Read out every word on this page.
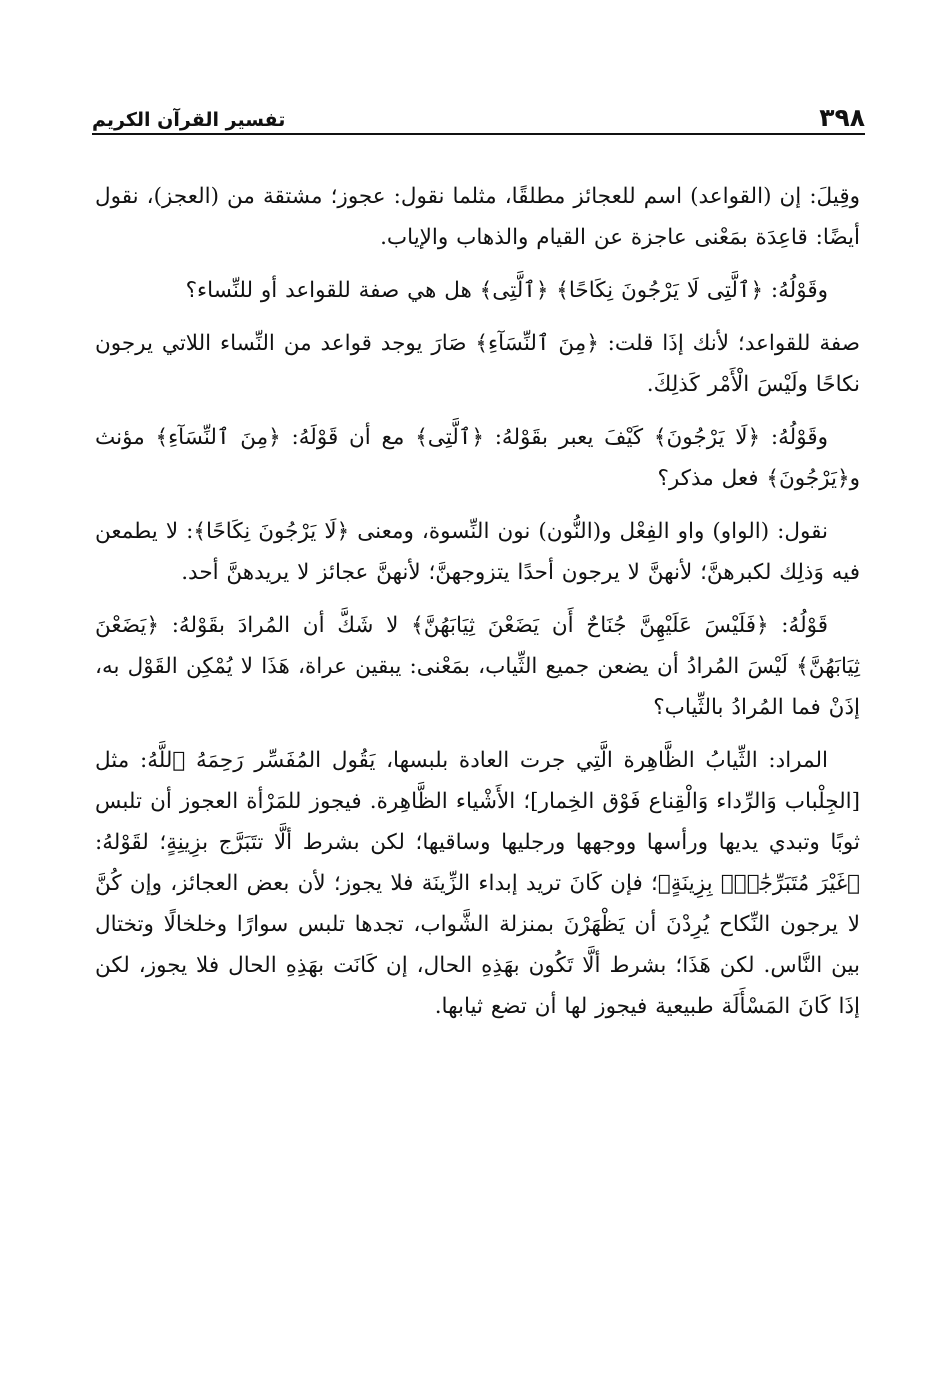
٣٩٨
تفسير القرآن الكريم

وقِيلَ: إن (القواعد) اسم للعجائز مطلقًا، مثلما نقول: عجوز؛ مشتقة من (العجز)، نقول أيضًا: قاعِدَة بمَعْنى عاجزة عن القيام والذهاب والإياب.

وقَوْلُهُ: ﴿ٱلَّتِى لَا يَرْجُونَ نِكَاحًا﴾ ﴿ٱلَّتِى﴾ هل هي صفة للقواعد أو للنِّساء؟

صفة للقواعد؛ لأنك إذَا قلت: ﴿مِنَ ٱلنِّسَآءِ﴾ صَارَ يوجد قواعد من النِّساء اللاتي يرجون نكاحًا ولَيْسَ الْأَمْر كَذلِكَ.

وقَوْلُهُ: ﴿لَا يَرْجُونَ﴾ كَيْفَ يعبر بقَوْلهُ: ﴿ٱلَّتِى﴾ مع أن قَوْلَهُ: ﴿مِنَ ٱلنِّسَآءِ﴾ مؤنث و﴿يَرْجُونَ﴾ فعل مذكر؟

نقول: (الواو) واو الفِعْل و(النُّون) نون النِّسوة، ومعنى ﴿لَا يَرْجُونَ نِكَاحًا﴾: لا يطمعن فيه وَذلِك لكبرهنَّ؛ لأنهنَّ لا يرجون أحدًا يتزوجهنَّ؛ لأنهنَّ عجائز لا يريدهنَّ أحد.

قَوْلُهُ: ﴿فَلَيْسَ عَلَيْهِنَّ جُنَاحٌ أَن يَضَعْنَ ثِيَابَهُنَّ﴾ لا شَكَّ أن المُرادَ بقَوْلهُ: ﴿يَضَعْنَ ثِيَابَهُنَّ﴾ لَيْسَ المُرادُ أن يضعن جميع الثِّياب، بمَعْنى: يبقين عراة، هَذَا لا يُمْكِن القَوْل به، إذَنْ فما المُرادُ بالثِّياب؟

المراد: الثِّيابُ الظَّاهِرة الَّتِي جرت العادة بلبسها، يَقُول المُفَسِّر رَحِمَهُ ٱللَّهُ: مثل [الجِلْباب وَالرِّداء وَالْقِناع فَوْق الخِمار]؛ الأَشْياء الظَّاهِرة. فيجوز للمَرْأة العجوز أن تلبس ثوبًا وتبدي يديها ورأسها ووجهها ورجليها وساقيها؛ لكن بشرط ألَّا تتَبَرَّج بزِينِةٍ؛ لقَوْلهُ: ﴿غَيْرَ مُتَبَرِّجَٰتٍۭ بِزِينَةٍ﴾؛ فإن كَانَ تريد إبداء الزِّينَة فلا يجوز؛ لأن بعض العجائز، وإن كُنَّ لا يرجون النِّكاح يُرِدْنَ أن يَظْهَرْنَ بمنزلة الشَّواب، تجدها تلبس سوارًا وخلخالًا وتختال بين النَّاس. لكن هَذَا؛ بشرط ألَّا تَكُون بهَذِهِ الحال، إن كَانَت بهَذِهِ الحال فلا يجوز، لكن إذَا كَانَ المَسْأَلَة طبيعية فيجوز لها أن تضع ثيابها.
